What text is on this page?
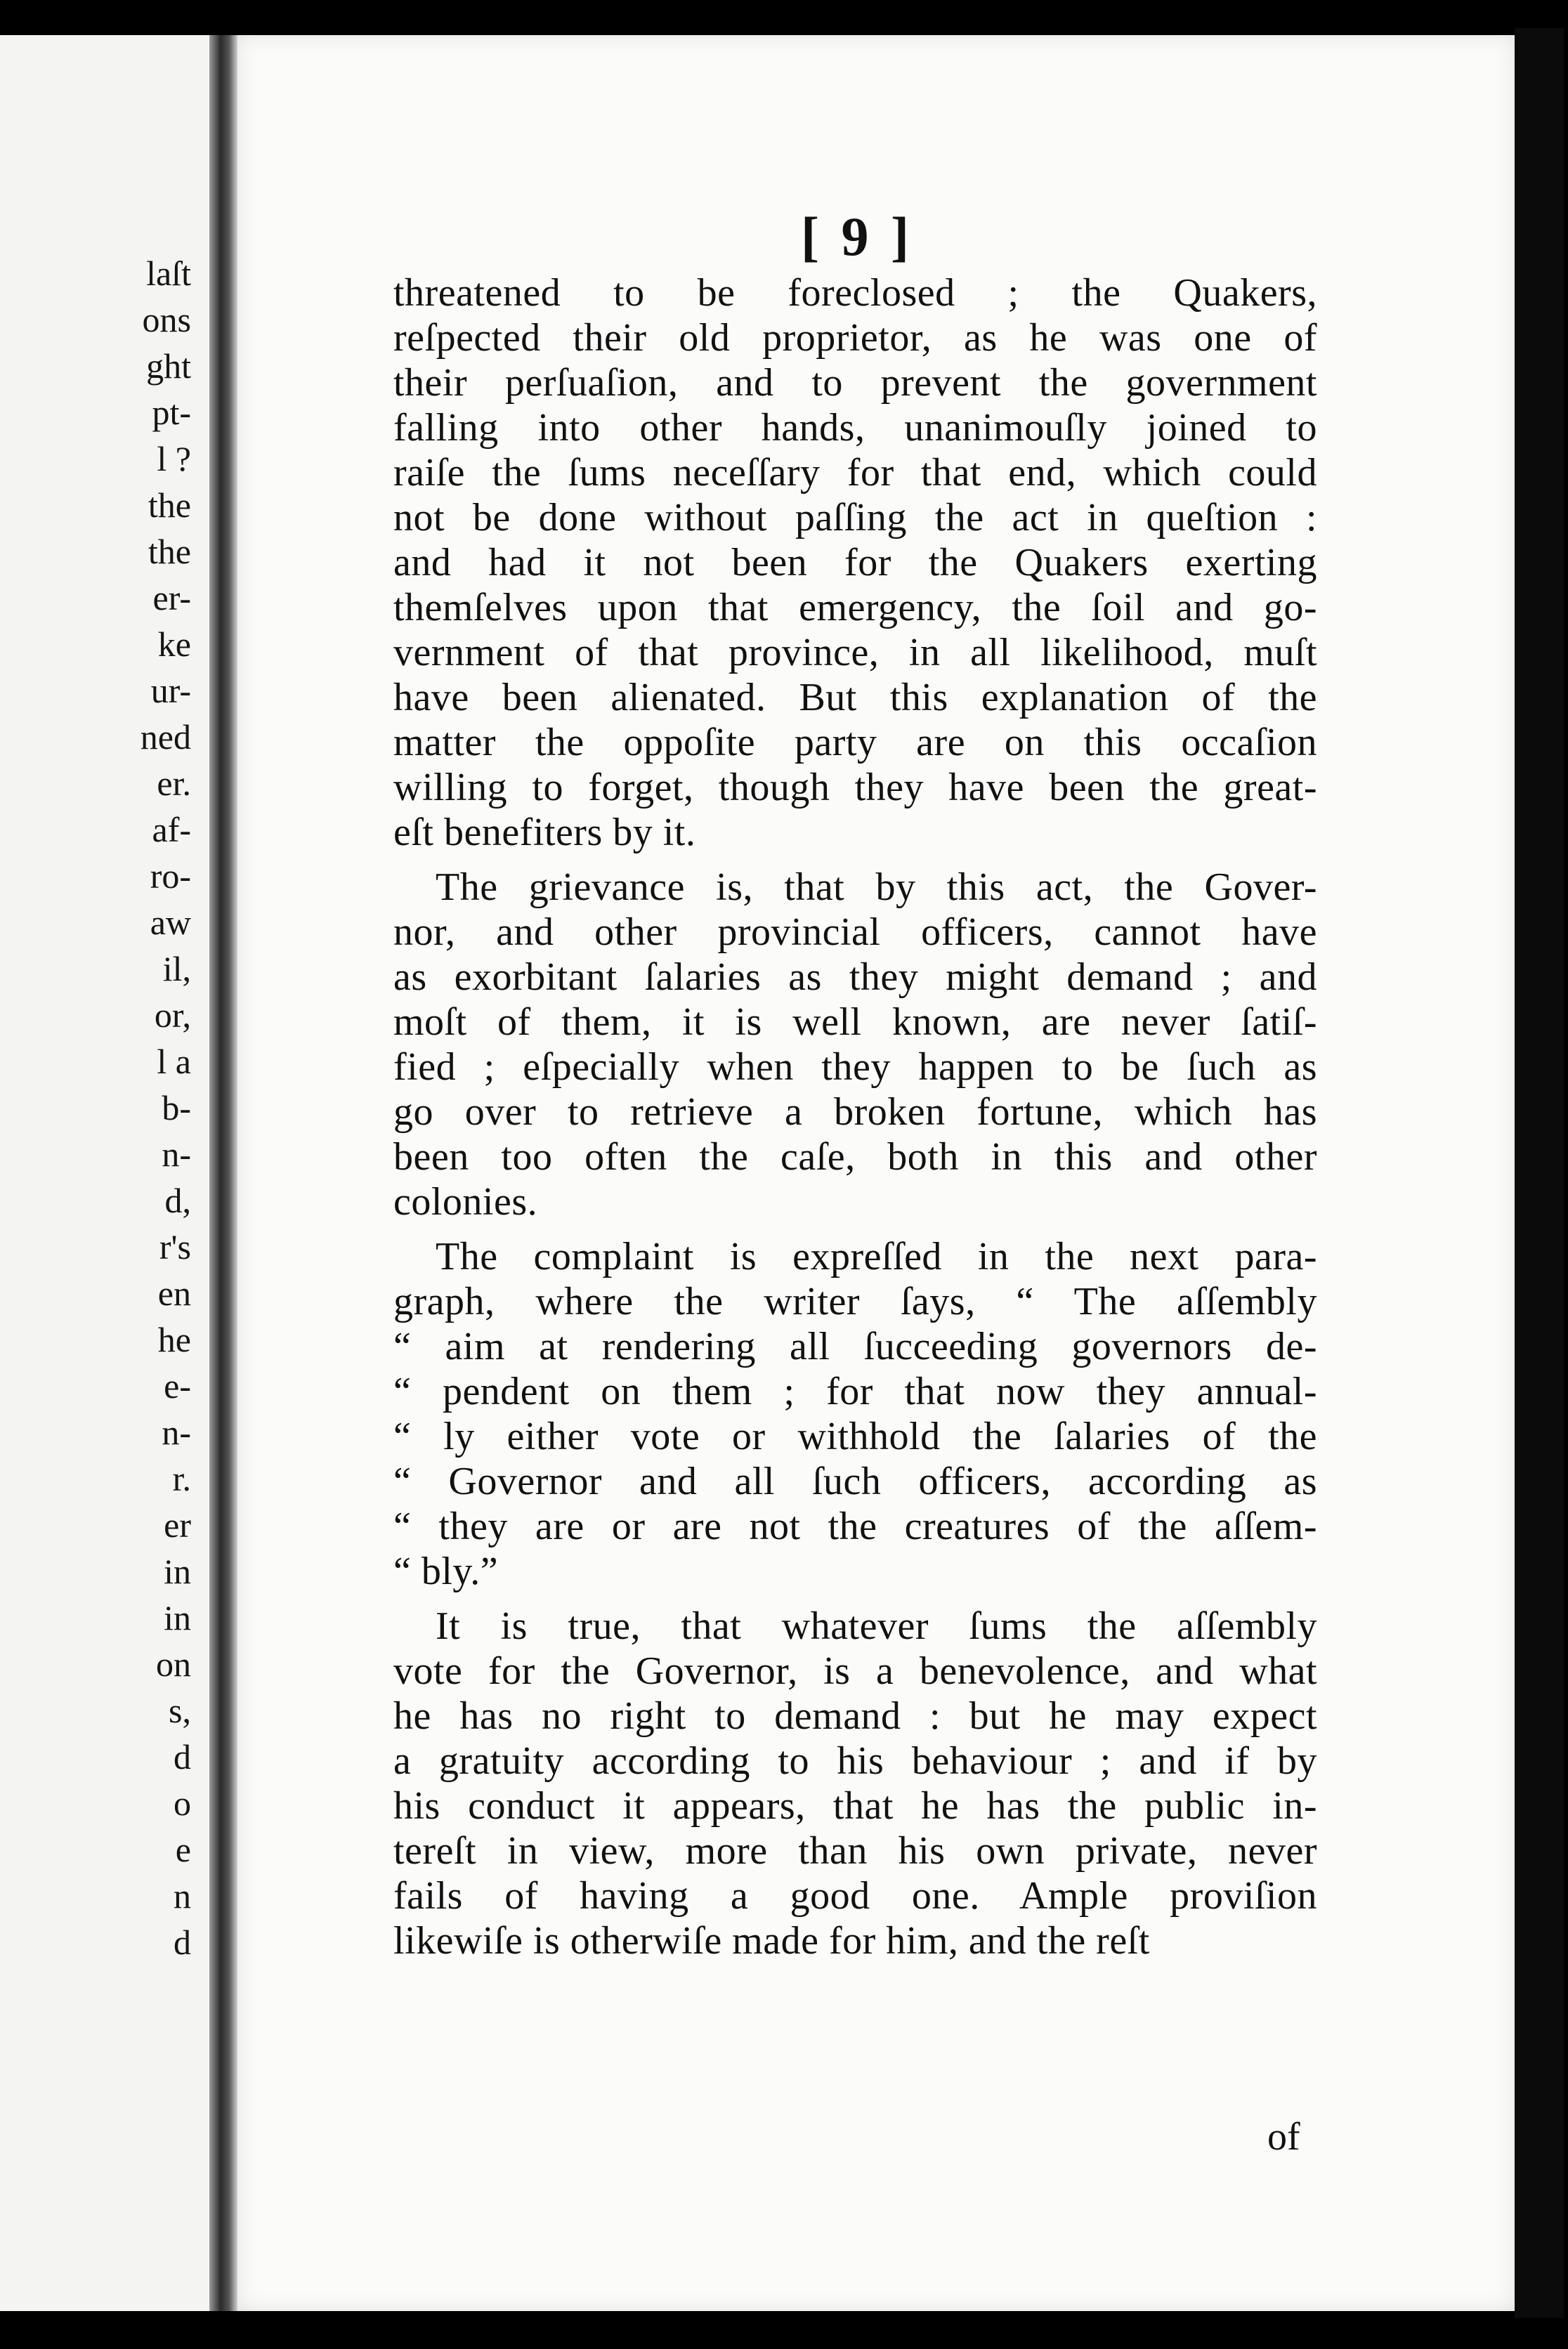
laſt
ons
ght
pt-
l ?
the
the
er-
ke
ur-
ned
er.
af-
ro-
aw
il,
or,
l a
b-
n-
d,
r's
en
he
e-
n-
r.
er
in
in
on
s,
d
o
e
n
d
[ 9 ]
threatened to be foreclosed ; the Quakers,
reſpected their old proprietor, as he was one of
their perſuaſion, and to prevent the government
falling into other hands, unanimouſly joined to
raiſe the ſums neceſſary for that end, which could
not be done without paſſing the act in queſtion :
and had it not been for the Quakers exerting
themſelves upon that emergency, the ſoil and go-
vernment of that province, in all likelihood, muſt
have been alienated. But this explanation of the
matter the oppoſite party are on this occaſion
willing to forget, though they have been the great-
eſt benefiters by it.
The grievance is, that by this act, the Gover-
nor, and other provincial officers, cannot have
as exorbitant ſalaries as they might demand ; and
moſt of them, it is well known, are never ſatiſ-
fied ; eſpecially when they happen to be ſuch as
go over to retrieve a broken fortune, which has
been too often the caſe, both in this and other
colonies.
The complaint is expreſſed in the next para-
graph, where the writer ſays, “ The aſſembly
“ aim at rendering all ſucceeding governors de-
“ pendent on them ; for that now they annual-
“ ly either vote or withhold the ſalaries of the
“ Governor and all ſuch officers, according as
“ they are or are not the creatures of the aſſem-
“ bly.”
It is true, that whatever ſums the aſſembly
vote for the Governor, is a benevolence, and what
he has no right to demand : but he may expect
a gratuity according to his behaviour ; and if by
his conduct it appears, that he has the public in-
tereſt in view, more than his own private, never
fails of having a good one. Ample proviſion
likewiſe is otherwiſe made for him, and the reſt
of
